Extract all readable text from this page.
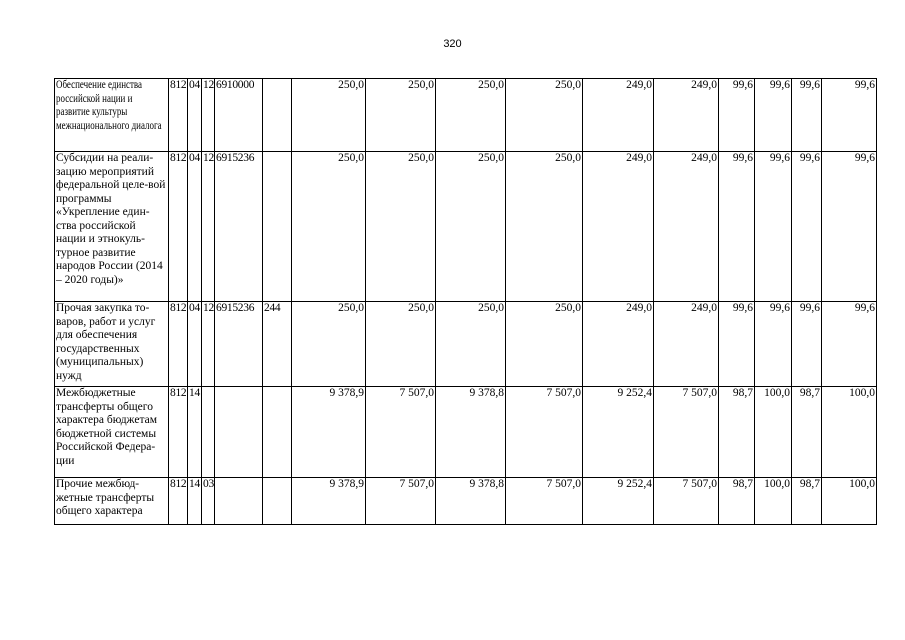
320
Обеспечение единства российской нации и развитие культуры межнационального диалога	812	04	12	6910000		250,0	250,0	250,0	250,0	249,0	249,0	99,6	99,6	99,6	99,6
Субсидии на реали-зацию мероприятий федеральной целе-вой программы «Укрепление един-ства российской нации и этнокуль-турное развитие народов России (2014 – 2020 годы)»	812	04	12	6915236		250,0	250,0	250,0	250,0	249,0	249,0	99,6	99,6	99,6	99,6
Прочая закупка то-варов, работ и услуг для обеспечения государственных (муниципальных) нужд	812	04	12	6915236	244	250,0	250,0	250,0	250,0	249,0	249,0	99,6	99,6	99,6	99,6
Межбюджетные трансферты общего характера бюджетам бюджетной системы Российской Федера-ции	812	14				9 378,9	7 507,0	9 378,8	7 507,0	9 252,4	7 507,0	98,7	100,0	98,7	100,0
Прочие межбюд-жетные трансферты общего характера	812	14	03			9 378,9	7 507,0	9 378,8	7 507,0	9 252,4	7 507,0	98,7	100,0	98,7	100,0
